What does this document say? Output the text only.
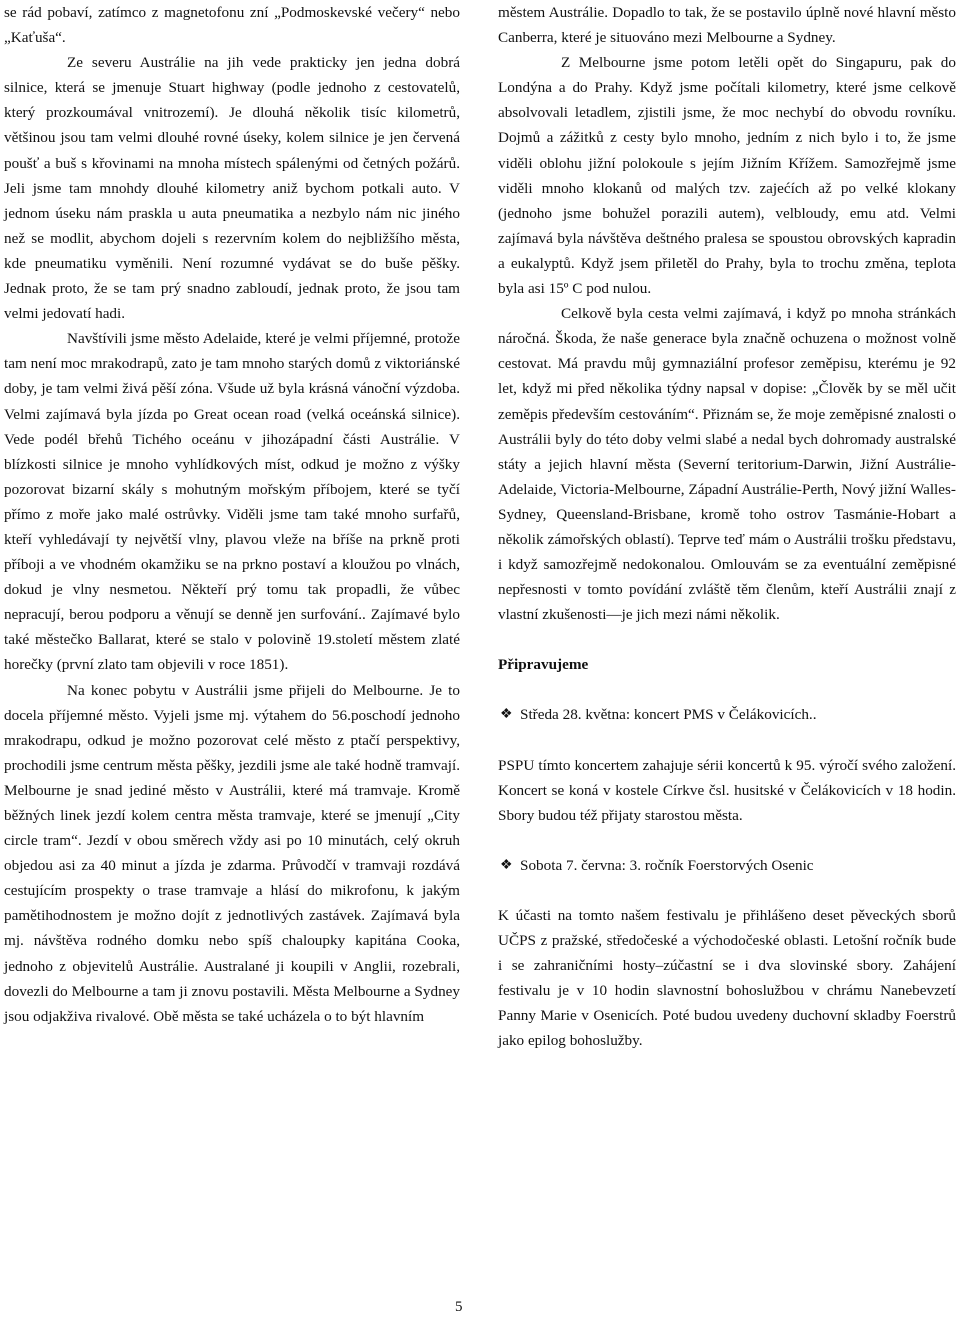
se rád pobaví, zatímco z magnetofonu zní „Podmoskevské večery“ nebo „Kaťuša“.

Ze severu Austrálie na jih vede prakticky jen jedna dobrá silnice, která se jmenuje Stuart highway (podle jednoho z cestovatelů, který prozkoumával vnitrozemí). Je dlouhá několik tisíc kilometrů, většinou jsou tam velmi dlouhé rovné úseky, kolem silnice je jen červená poušť a buš s křovinami na mnoha místech spálenými od četných požárů. Jeli jsme tam mnohdy dlouhé kilometry aniž bychom potkali auto. V jednom úseku nám praskla u auta pneumatika a nezbylo nám nic jiného než se modlit, abychom dojeli s rezervním kolem do nejbližšího města, kde pneumatiku vyměnili. Není rozumné vydávat se do buše pěšky. Jednak proto, že se tam prý snadno zabloudí, jednak proto, že jsou tam velmi jedovatí hadi.

Navštívili jsme město Adelaide, které je velmi příjemné, protože tam není moc mrakodrapů, zato je tam mnoho starých domů z viktoriánské doby, je tam velmi živá pěší zóna. Všude už byla krásná vánoční výzdoba. Velmi zajímavá byla jízda po Great ocean road (velká oceánská silnice). Vede podél břehů Tichého oceánu v jihozápadní části Austrálie. V blízkosti silnice je mnoho vyhlídkových míst, odkud je možno z výšky pozorovat bizarní skály s mohutným mořským příbojem, které se tyčí přímo z moře jako malé ostrůvky. Viděli jsme tam také mnoho surfařů, kteří vyhledávají ty největší vlny, plavou vleže na bříše na prkně proti příboji a ve vhodném okamžiku se na prkno postaví a kloužou po vlnách, dokud je vlny nesmetou. Někteří prý tomu tak propadli, že vůbec nepracují, berou podporu a věnují se denně jen surfování.. Zajímavé bylo také městečko Ballarat, které se stalo v polovině 19.století městem zlaté horečky (první zlato tam objevili v roce 1851).

Na konec pobytu v Austrálii jsme přijeli do Melbourne. Je to docela příjemné město. Vyjeli jsme mj. výtahem do 56.poschodí jednoho mrakodrapu, odkud je možno pozorovat celé město z ptačí perspektivy, prochodili jsme centrum města pěšky, jezdili jsme ale také hodně tramvají. Melbourne je snad jediné město v Austrálii, které má tramvaje. Kromě běžných linek jezdí kolem centra města tramvaje, které se jmenují „City circle tram“. Jezdí v obou směrech vždy asi po 10 minutách, celý okruh objedou asi za 40 minut a jízda je zdarma. Průvodčí v tramvaji rozdává cestujícím prospekty o trase tramvaje a hlásí do mikrofonu, k jakým pamětihodnostem je možno dojít z jednotlivých zastávek. Zajímavá byla mj. návštěva rodného domku nebo spíš chaloupky kapitána Cooka, jednoho z objevitelů Austrálie. Australané ji koupili v Anglii, rozebrali, dovezli do Melbourne a tam ji znovu postavili. Města Melbourne a Sydney jsou odjakživa rivalové. Obě města se také ucházela o to být hlavním

městem Austrálie. Dopadlo to tak, že se postavilo úplně nové hlavní město Canberra, které je situováno mezi Melbourne a Sydney.

Z Melbourne jsme potom letěli opět do Singapuru, pak do Londýna a do Prahy. Když jsme počítali kilometry, které jsme celkově absolvovali letadlem, zjistili jsme, že moc nechybí do obvodu rovníku. Dojmů a zážitků z cesty bylo mnoho, jedním z nich bylo i to, že jsme viděli oblohu jižní polokoule s jejím Jižním Křížem. Samozřejmě jsme viděli mnoho klokanů od malých tzv. zajećích až po velké klokany (jednoho jsme bohužel porazili autem), velbloudy, emu atd. Velmi zajímavá byla návštěva deštného pralesa se spoustou obrovských kapradin a eukalyptů. Když jsem přiletěl do Prahy, byla to trochu změna, teplota byla asi 15º C pod nulou.

Celkově byla cesta velmi zajímavá, i když po mnoha stránkách náročná. Škoda, že naše generace byla značně ochuzena o možnost volně cestovat. Má pravdu můj gymnaziální profesor zeměpisu, kterému je 92 let, když mi před několika týdny napsal v dopise: „Člověk by se měl učit zeměpis především cestováním“. Přiznám se, že moje zeměpisné znalosti o Austrálii byly do této doby velmi slabé a nedal bych dohromady australské státy a jejich hlavní města (Severní teritorium-Darwin, Jižní Austrálie-Adelaide, Victoria-Melbourne, Západní Austrálie-Perth, Nový jižní Walles-Sydney, Queensland-Brisbane, kromě toho ostrov Tasmánie-Hobart a několik zámořských oblastí). Teprve teď mám o Austrálii trošku představu, i když samozřejmě nedokonalou. Omlouvám se za eventuální zeměpisné nepřesnosti v tomto povídání zvláště těm členům, kteří Austrálii znají z vlastní zkušenosti—je jich mezi námi několik.

Připravujeme

❖ Středa 28. května: koncert PMS v Čelákovicích..

PSPU tímto koncertem zahajuje sérii koncertů k 95. výročí svého založení. Koncert se koná v kostele Církve čsl. husitské v Čelákovicích v 18 hodin. Sbory budou též přijaty starostou města.

❖ Sobota 7. června: 3. ročník Foerstorvých Osenic

K účasti na tomto našem festivalu je přihlášeno deset pěveckých sborů UČPS z pražské, středočeské a východočeské oblasti. Letošní ročník bude i se zahraničními hosty–zúčastní se i dva slovinské sbory. Zahájení festivalu je v 10 hodin slavnostní bohoslužbou v chrámu Nanebevzetí Panny Marie v Osenicích. Poté budou uvedeny duchovní skladby Foerstrů jako epilog bohoslužby.

5
